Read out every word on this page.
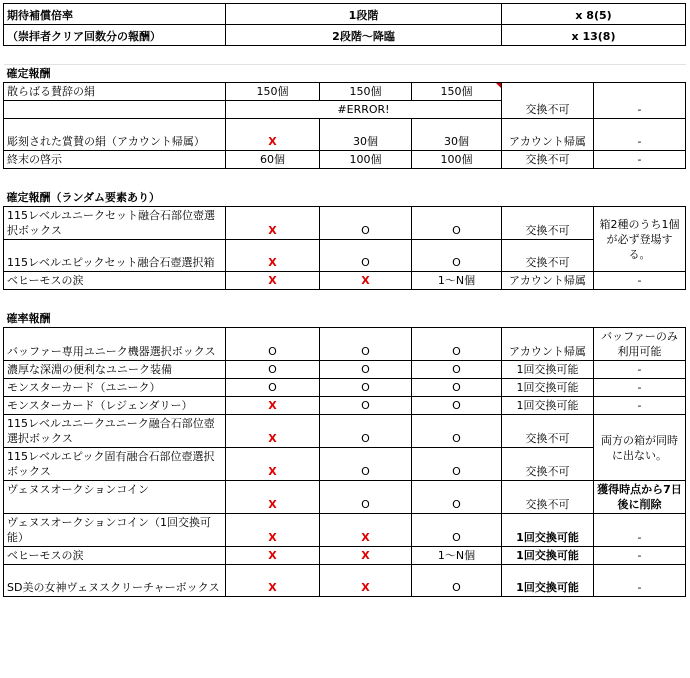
期待補償倍率	1段階			x 8(5)	
（崇拝者クリア回数分の報酬）	2段階～降臨			x 13(8)	

確定報酬					
散らばる賛辞の絹	150個	150個	150個	交換不可	-
	#ERROR!				
彫刻された賞賛の絹（アカウント帰属）	X	30個	30個	アカウント帰属	-
終末の啓示	60個	100個	100個	交換不可	-

確定報酬（ランダム要素あり）					
115レベルユニークセット融合石部位壺選択ボックス	X	O	O	交換不可	箱2種のうち1個が必ず登場する。
115レベルエピックセット融合石壺選択箱	X	O	O	交換不可	
ベヒーモスの涙	X	X	1～N個	アカウント帰属	-

確率報酬					
バッファー専用ユニーク機器選択ボックス	O	O	O	アカウント帰属	バッファーのみ利用可能
濃厚な深淵の便利なユニーク装備	O	O	O	1回交換可能	-
モンスターカード（ユニーク）	O	O	O	1回交換可能	-
モンスターカード（レジェンダリー）	X	O	O	1回交換可能	-
115レベルユニークユニーク融合石部位壺選択ボックス	X	O	O	交換不可	両方の箱が同時に出ない。
115レベルエピック固有融合石部位壺選択ボックス	X	O	O	交換不可	
ヴェヌスオークションコイン	X	O	O	交換不可	獲得時点から7日後に削除
ヴェヌスオークションコイン（1回交換可能）	X	X	O	1回交換可能	-
ベヒーモスの涙	X	X	1～N個	1回交換可能	-
SD美の女神ヴェヌスクリーチャーボックス	X	X	O	1回交換可能	-
